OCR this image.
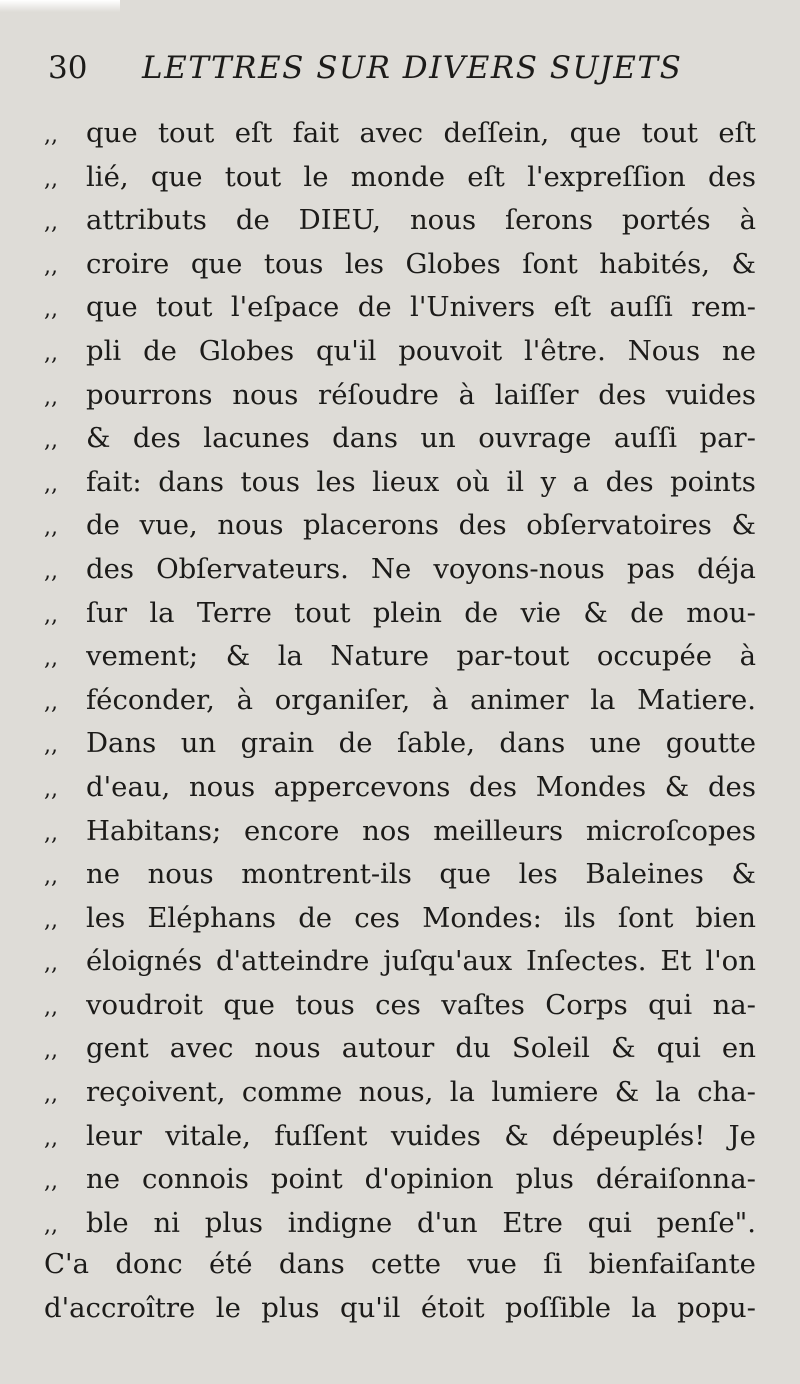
30 LETTRES SUR DIVERS SUJETS
,,	que tout eſt fait avec deſſein, que tout eſt
,,	lié, que tout le monde eſt l'expreſſion des
,,	attributs de DIEU, nous ſerons portés à
,,	croire que tous les Globes ſont habités, &
,,	que tout l'eſpace de l'Univers eſt auſſi rem-
,,	pli de Globes qu'il pouvoit l'être. Nous ne
,,	pourrons nous réſoudre à laiſſer des vuides
,,	& des lacunes dans un ouvrage auſſi par-
,,	fait: dans tous les lieux où il y a des points
,,	de vue, nous placerons des obſervatoires &
,,	des Obſervateurs. Ne voyons-nous pas déja
,,	ſur la Terre tout plein de vie & de mou-
,,	vement; & la Nature par-tout occupée à
,,	féconder, à organiſer, à animer la Matiere.
,,	Dans un grain de ſable, dans une goutte
,,	d'eau, nous appercevons des Mondes & des
,,	Habitans; encore nos meilleurs microſcopes
,,	ne nous montrent-ils que les Baleines &
,,	les Eléphans de ces Mondes: ils ſont bien
,,	éloignés d'atteindre juſqu'aux Inſectes. Et l'on
,,	voudroit que tous ces vaſtes Corps qui na-
,,	gent avec nous autour du Soleil & qui en
,,	reçoivent, comme nous, la lumiere & la cha-
,,	leur vitale, fuſſent vuides & dépeuplés! Je
,,	ne connois point d'opinion plus déraiſonna-
,,	ble ni plus indigne d'un Etre qui penſe".
C'a donc été dans cette vue ſi bienfaiſante
d'accroître le plus qu'il étoit poſſible la popu-
